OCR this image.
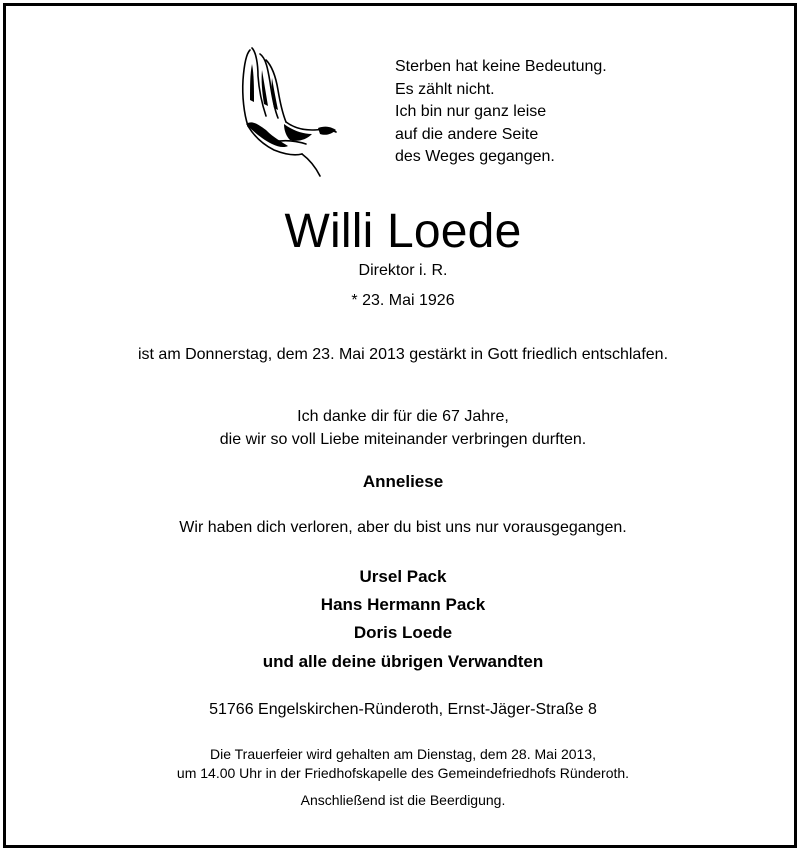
Sterben hat keine Bedeutung.
Es zählt nicht.
Ich bin nur ganz leise
auf die andere Seite
des Weges gegangen.
Willi Loede
Direktor i. R.
* 23. Mai 1926
ist am Donnerstag, dem 23. Mai 2013 gestärkt in Gott friedlich entschlafen.
Ich danke dir für die 67 Jahre,
die wir so voll Liebe miteinander verbringen durften.
Anneliese
Wir haben dich verloren, aber du bist uns nur vorausgegangen.
Ursel Pack
Hans Hermann Pack
Doris Loede
und alle deine übrigen Verwandten
51766 Engelskirchen-Ründeroth, Ernst-Jäger-Straße 8
Die Trauerfeier wird gehalten am Dienstag, dem 28. Mai 2013,
um 14.00 Uhr in der Friedhofskapelle des Gemeindefriedhofs Ründeroth.
Anschließend ist die Beerdigung.
